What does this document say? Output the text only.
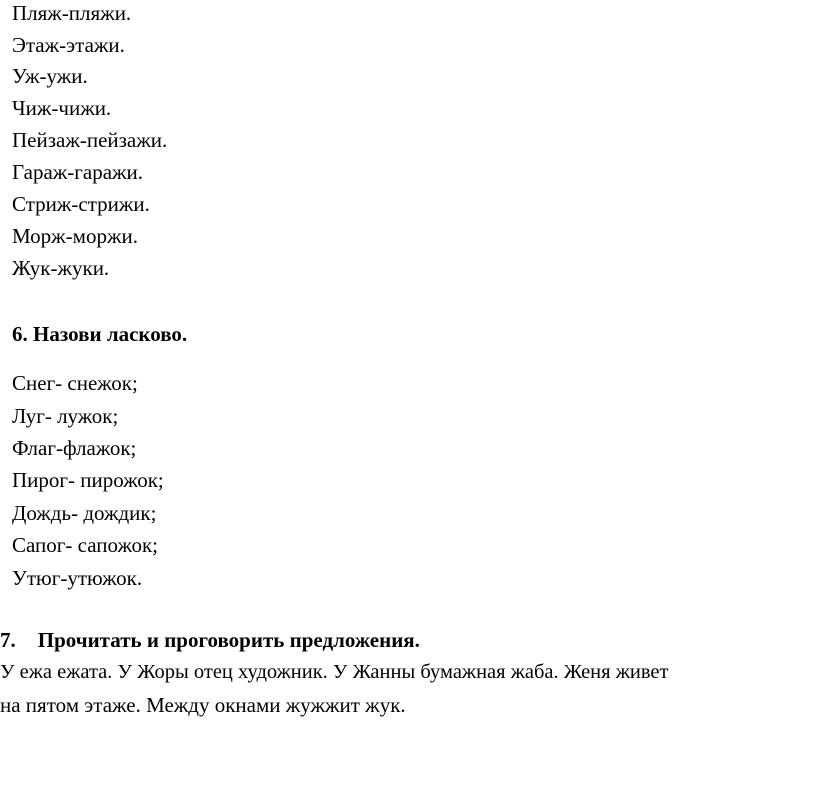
Пляж-пляжи.
Этаж-этажи.
Уж-ужи.
Чиж-чижи.
Пейзаж-пейзажи.
Гараж-гаражи.
Стриж-стрижи.
Морж-моржи.
Жук-жуки.
6. Назови ласково.
Снег- снежок;
Луг- лужок;
Флаг-флажок;
Пирог- пирожок;
Дождь- дождик;
Сапог- сапожок;
Утюг-утюжок.
7. Прочитать и проговорить предложения.
У ежа ежата. У Жоры отец художник. У Жанны бумажная жаба. Женя живет
на пятом этаже. Между окнами жужжит жук.
